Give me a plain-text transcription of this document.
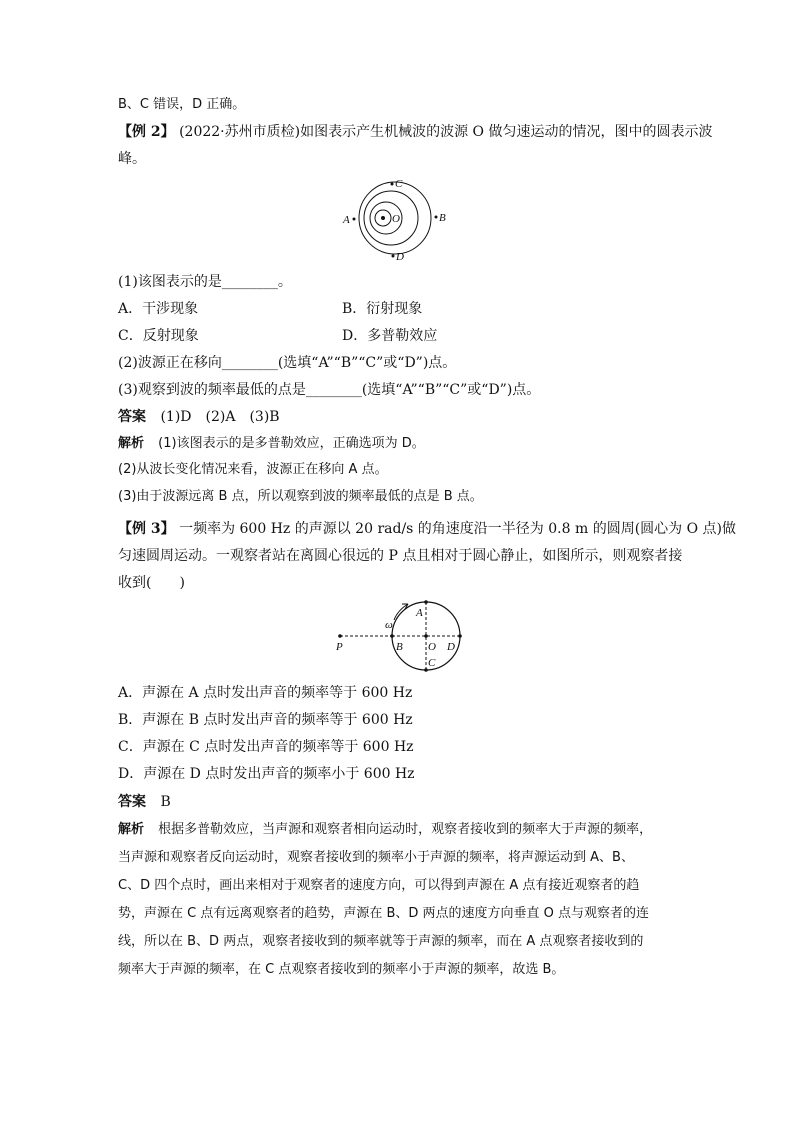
B、C 错误，D 正确。
【例 2】 (2022·苏州市质检)如图表示产生机械波的波源 O 做匀速运动的情况，图中的圆表示波
峰。
O
C
A	B
D
(1)该图表示的是________。
A．干涉现象	B．衍射现象
C．反射现象	D．多普勒效应
(2)波源正在移向________(选填“A”“B”“C”或“D”)点。
(3)观察到波的频率最低的点是________(选填“A”“B”“C”或“D”)点。
答案 (1)D　(2)A　(3)B
解析 (1)该图表示的是多普勒效应，正确选项为 D。
(2)从波长变化情况来看，波源正在移向 A 点。
(3)由于波源远离 B 点，所以观察到波的频率最低的点是 B 点。
【例 3】 一频率为 600 Hz 的声源以 20 rad/s 的角速度沿一半径为 0.8 m 的圆周(圆心为 O 点)做
匀速圆周运动。一观察者站在离圆心很远的 P 点且相对于圆心静止，如图所示，则观察者接
收到(　　)
P	B O D
A
C
ω
A．声源在 A 点时发出声音的频率等于 600 Hz
B．声源在 B 点时发出声音的频率等于 600 Hz
C．声源在 C 点时发出声音的频率等于 600 Hz
D．声源在 D 点时发出声音的频率小于 600 Hz
答案 B
解析 根据多普勒效应，当声源和观察者相向运动时，观察者接收到的频率大于声源的频率，
当声源和观察者反向运动时，观察者接收到的频率小于声源的频率，将声源运动到 A、B、
C、D 四个点时，画出来相对于观察者的速度方向，可以得到声源在 A 点有接近观察者的趋
势，声源在 C 点有远离观察者的趋势，声源在 B、D 两点的速度方向垂直 O 点与观察者的连
线，所以在 B、D 两点，观察者接收到的频率就等于声源的频率，而在 A 点观察者接收到的
频率大于声源的频率，在 C 点观察者接收到的频率小于声源的频率，故选 B。
